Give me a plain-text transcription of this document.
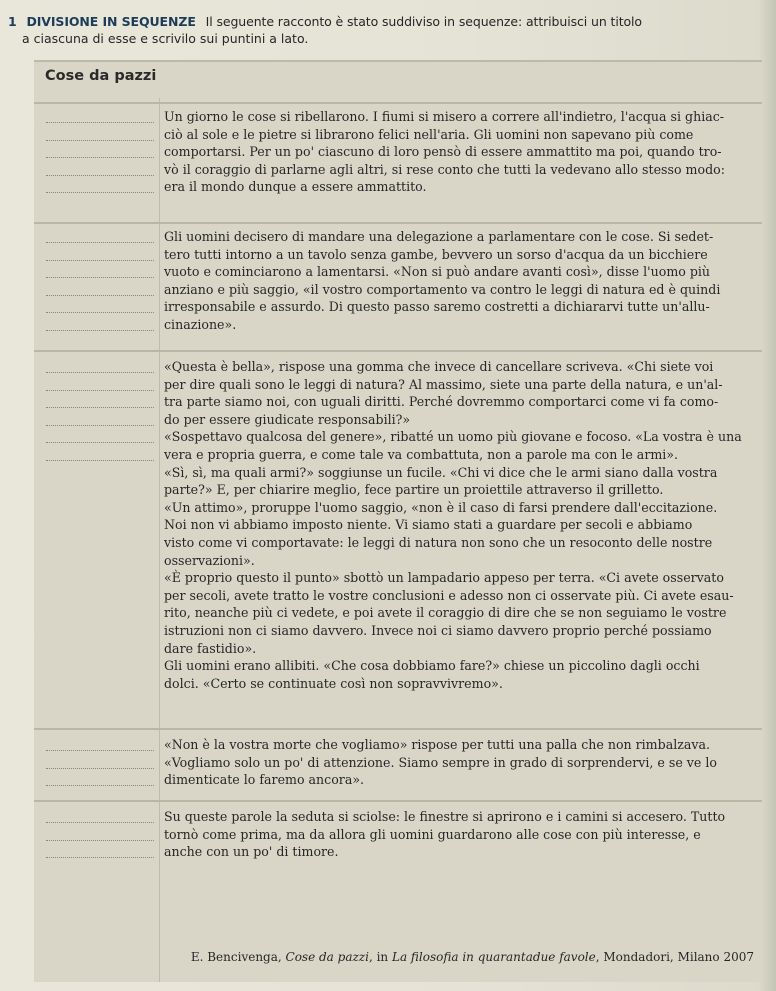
1 DIVISIONE IN SEQUENZE Il seguente racconto è stato suddiviso in sequenze: attribuisci un titolo
a ciascuna di esse e scrivilo sui puntini a lato.
Cose da pazzi
Un giorno le cose si ribellarono. I fiumi si misero a correre all'indietro, l'acqua si ghiac-
ciò al sole e le pietre si librarono felici nell'aria. Gli uomini non sapevano più come
comportarsi. Per un po' ciascuno di loro pensò di essere ammattito ma poi, quando tro-
vò il coraggio di parlarne agli altri, si rese conto che tutti la vedevano allo stesso modo:
era il mondo dunque a essere ammattito.
Gli uomini decisero di mandare una delegazione a parlamentare con le cose. Si sedet-
tero tutti intorno a un tavolo senza gambe, bevvero un sorso d'acqua da un bicchiere
vuoto e cominciarono a lamentarsi. «Non si può andare avanti così», disse l'uomo più
anziano e più saggio, «il vostro comportamento va contro le leggi di natura ed è quindi
irresponsabile e assurdo. Di questo passo saremo costretti a dichiararvi tutte un'allu-
cinazione».
«Questa è bella», rispose una gomma che invece di cancellare scriveva. «Chi siete voi
per dire quali sono le leggi di natura? Al massimo, siete una parte della natura, e un'al-
tra parte siamo noi, con uguali diritti. Perché dovremmo comportarci come vi fa como-
do per essere giudicate responsabili?»
«Sospettavo qualcosa del genere», ribatté un uomo più giovane e focoso. «La vostra è una
vera e propria guerra, e come tale va combattuta, non a parole ma con le armi».
«Sì, sì, ma quali armi?» soggiunse un fucile. «Chi vi dice che le armi siano dalla vostra
parte?» E, per chiarire meglio, fece partire un proiettile attraverso il grilletto.
«Un attimo», proruppe l'uomo saggio, «non è il caso di farsi prendere dall'eccitazione.
Noi non vi abbiamo imposto niente. Vi siamo stati a guardare per secoli e abbiamo
visto come vi comportavate: le leggi di natura non sono che un resoconto delle nostre
osservazioni».
«È proprio questo il punto» sbottò un lampadario appeso per terra. «Ci avete osservato
per secoli, avete tratto le vostre conclusioni e adesso non ci osservate più. Ci avete esau-
rito, neanche più ci vedete, e poi avete il coraggio di dire che se non seguiamo le vostre
istruzioni non ci siamo davvero. Invece noi ci siamo davvero proprio perché possiamo
dare fastidio».
Gli uomini erano allibiti. «Che cosa dobbiamo fare?» chiese un piccolino dagli occhi
dolci. «Certo se continuate così non sopravvivremo».
«Non è la vostra morte che vogliamo» rispose per tutti una palla che non rimbalzava.
«Vogliamo solo un po' di attenzione. Siamo sempre in grado di sorprendervi, e se ve lo
dimenticate lo faremo ancora».
Su queste parole la seduta si sciolse: le finestre si aprirono e i camini si accesero. Tutto
tornò come prima, ma da allora gli uomini guardarono alle cose con più interesse, e
anche con un po' di timore.
E. Bencivenga, Cose da pazzi, in La filosofia in quarantadue favole, Mondadori, Milano 2007
